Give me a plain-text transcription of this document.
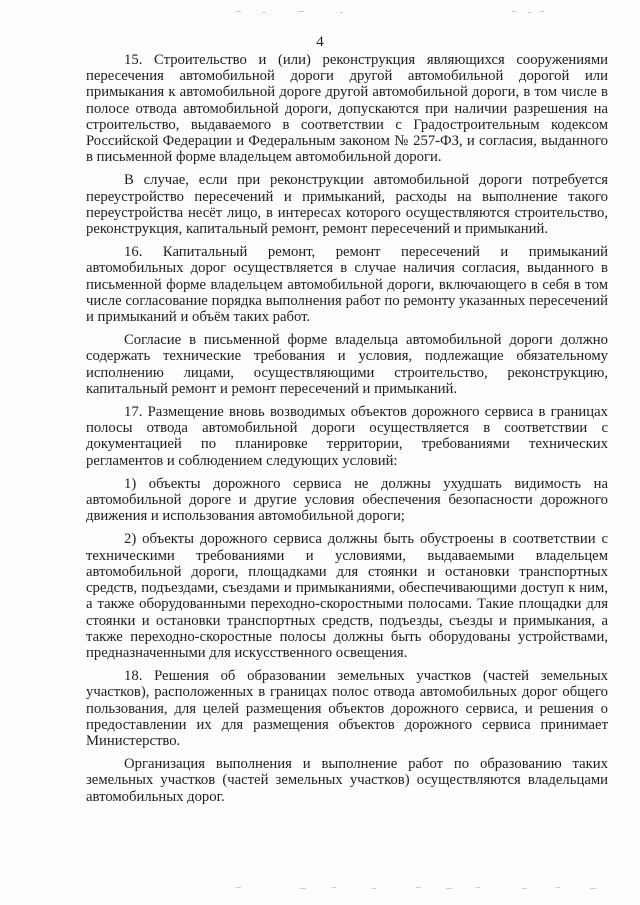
4

15. Строительство и (или) реконструкция являющихся сооружениями пересечения автомобильной дороги другой автомобильной дорогой или примыкания к автомобильной дороге другой автомобильной дороги, в том числе в полосе отвода автомобильной дороги, допускаются при наличии разрешения на строительство, выдаваемого в соответствии с Градостроительным кодексом Российской Федерации и Федеральным законом № 257-ФЗ, и согласия, выданного в письменной форме владельцем автомобильной дороги.

В случае, если при реконструкции автомобильной дороги потребуется переустройство пересечений и примыканий, расходы на выполнение такого переустройства несёт лицо, в интересах которого осуществляются строительство, реконструкция, капитальный ремонт, ремонт пересечений и примыканий.

16. Капитальный ремонт, ремонт пересечений и примыканий автомобильных дорог осуществляется в случае наличия согласия, выданного в письменной форме владельцем автомобильной дороги, включающего в себя в том числе согласование порядка выполнения работ по ремонту указанных пересечений и примыканий и объём таких работ.

Согласие в письменной форме владельца автомобильной дороги должно содержать технические требования и условия, подлежащие обязательному исполнению лицами, осуществляющими строительство, реконструкцию, капитальный ремонт и ремонт пересечений и примыканий.

17. Размещение вновь возводимых объектов дорожного сервиса в границах полосы отвода автомобильной дороги осуществляется в соответствии с документацией по планировке территории, требованиями технических регламентов и соблюдением следующих условий:

1) объекты дорожного сервиса не должны ухудшать видимость на автомобильной дороге и другие условия обеспечения безопасности дорожного движения и использования автомобильной дороги;

2) объекты дорожного сервиса должны быть обустроены в соответствии с техническими требованиями и условиями, выдаваемыми владельцем автомобильной дороги, площадками для стоянки и остановки транспортных средств, подъездами, съездами и примыканиями, обеспечивающими доступ к ним, а также оборудованными переходно-скоростными полосами. Такие площадки для стоянки и остановки транспортных средств, подъезды, съезды и примыкания, а также переходно-скоростные полосы должны быть оборудованы устройствами, предназначенными для искусственного освещения.

18. Решения об образовании земельных участков (частей земельных участков), расположенных в границах полос отвода автомобильных дорог общего пользования, для целей размещения объектов дорожного сервиса, и решения о предоставлении их для размещения объектов дорожного сервиса принимает Министерство.

Организация выполнения и выполнение работ по образованию таких земельных участков (частей земельных участков) осуществляются владельцами автомобильных дорог.
